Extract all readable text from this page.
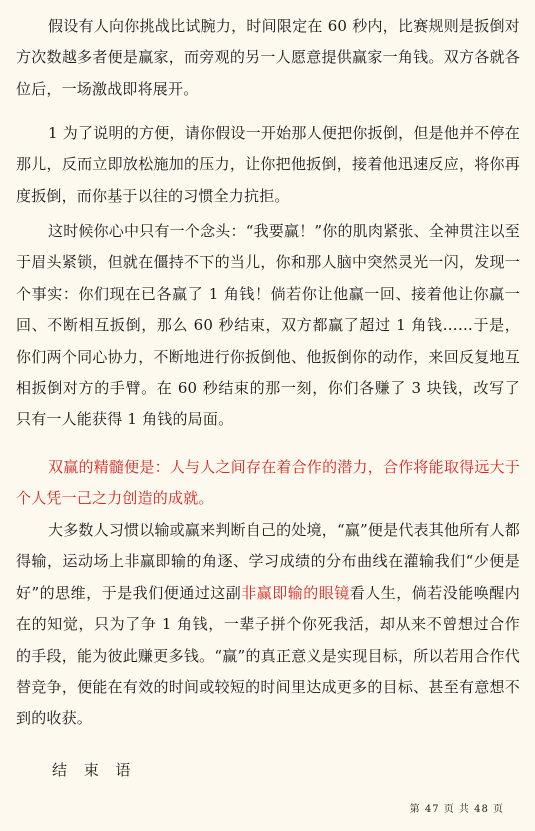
假设有人向你挑战比试腕力，时间限定在 60 秒内，比赛规则是扳倒对方次数越多者便是赢家，而旁观的另一人愿意提供赢家一角钱。双方各就各位后，一场激战即将展开。

1 为了说明的方便，请你假设一开始那人便把你扳倒，但是他并不停在那儿，反而立即放松施加的压力，让你把他扳倒，接着他迅速反应，将你再度扳倒，而你基于以往的习惯全力抗拒。

这时候你心中只有一个念头：“我要赢！”你的肌肉紧张、全神贯注以至于眉头紧锁，但就在僵持不下的当儿，你和那人脑中突然灵光一闪，发现一个事实：你们现在已各赢了 1 角钱！倘若你让他赢一回、接着他让你赢一回、不断相互扳倒，那么 60 秒结束，双方都赢了超过 1 角钱……于是，你们两个同心协力，不断地进行你扳倒他、他扳倒你的动作，来回反复地互相扳倒对方的手臂。在 60 秒结束的那一刻，你们各赚了 3 块钱，改写了只有一人能获得 1 角钱的局面。

双赢的精髓便是：人与人之间存在着合作的潜力，合作将能取得远大于个人凭一己之力创造的成就。

大多数人习惯以输或赢来判断自己的处境，“赢”便是代表其他所有人都得输，运动场上非赢即输的角逐、学习成绩的分布曲线在灌输我们“少便是好”的思维，于是我们便通过这副非赢即输的眼镜看人生，倘若没能唤醒内在的知觉，只为了争 1 角钱，一辈子拼个你死我活，却从来不曾想过合作的手段，能为彼此赚更多钱。“赢”的真正意义是实现目标，所以若用合作代替竞争，便能在有效的时间或较短的时间里达成更多的目标、甚至有意想不到的收获。

结 束 语

第 47 页 共 48 页
